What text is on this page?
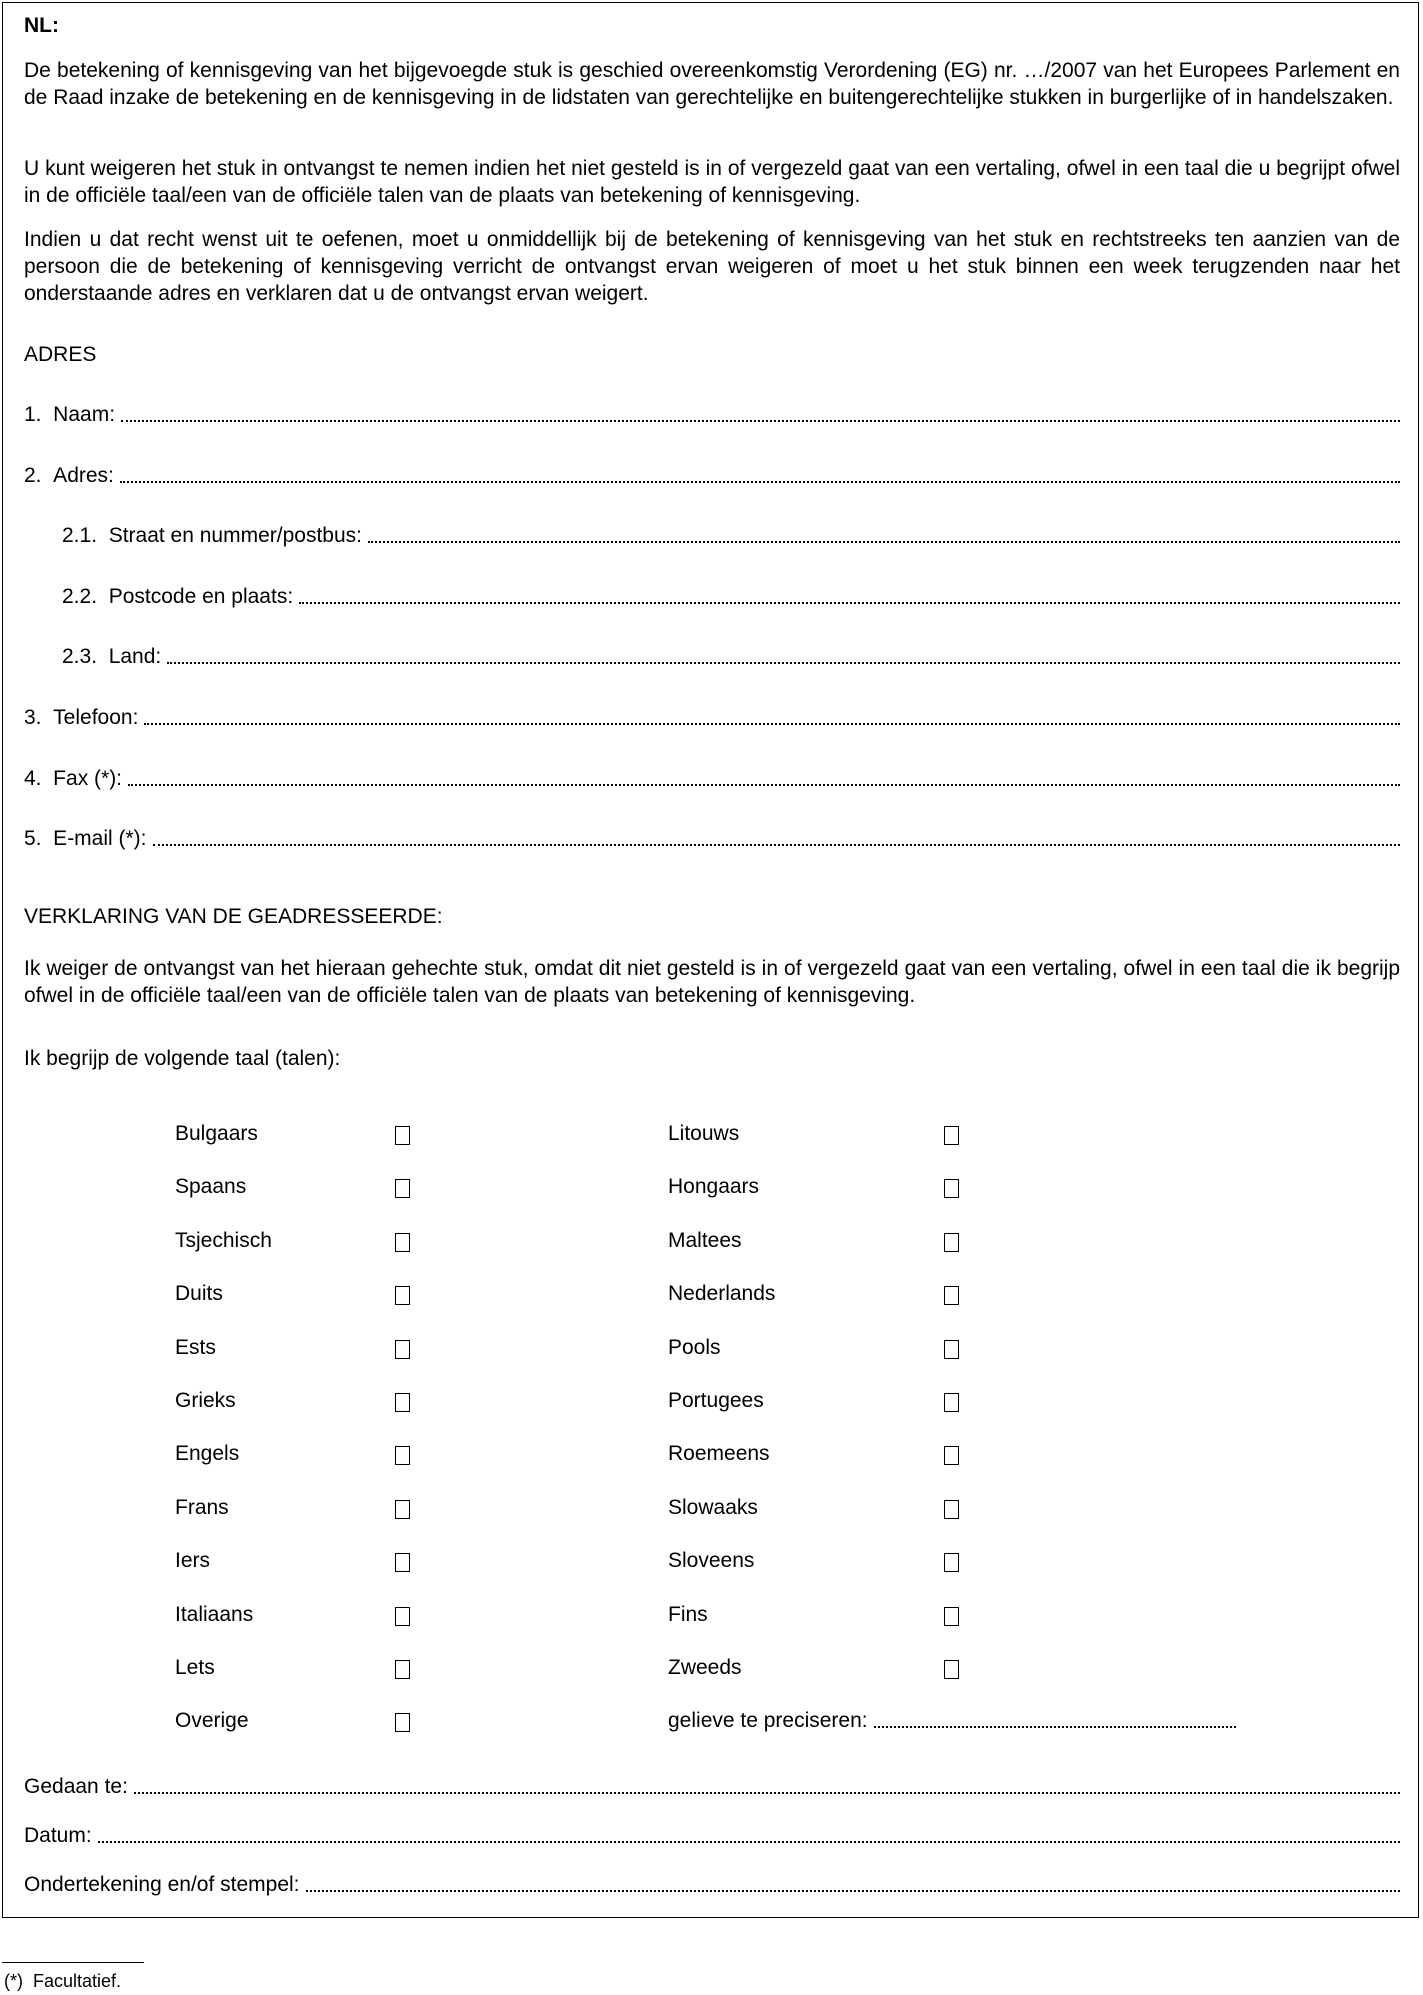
NL:
De betekening of kennisgeving van het bijgevoegde stuk is geschied overeenkomstig Verordening (EG) nr. …/2007 van het Europees Parlement en de Raad inzake de betekening en de kennisgeving in de lidstaten van gerechtelijke en buitengerechtelijke stukken in burgerlijke of in handelszaken.
U kunt weigeren het stuk in ontvangst te nemen indien het niet gesteld is in of vergezeld gaat van een vertaling, ofwel in een taal die u begrijpt ofwel in de officiële taal/een van de officiële talen van de plaats van betekening of kennisgeving.
Indien u dat recht wenst uit te oefenen, moet u onmiddellijk bij de betekening of kennisgeving van het stuk en rechtstreeks ten aanzien van de persoon die de betekening of kennisgeving verricht de ontvangst ervan weigeren of moet u het stuk binnen een week terugzenden naar het onderstaande adres en verklaren dat u de ontvangst ervan weigert.
ADRES
1.  Naam:
2.  Adres:
2.1.  Straat en nummer/postbus:
2.2.  Postcode en plaats:
2.3.  Land:
3.  Telefoon:
4.  Fax (*):
5.  E-mail (*):
VERKLARING VAN DE GEADRESSEERDE:
Ik weiger de ontvangst van het hieraan gehechte stuk, omdat dit niet gesteld is in of vergezeld gaat van een vertaling, ofwel in een taal die ik begrijp ofwel in de officiële taal/een van de officiële talen van de plaats van betekening of kennisgeving.
Ik begrijp de volgende taal (talen):
Bulgaars
Spaans
Tsjechisch
Duits
Ests
Grieks
Engels
Frans
Iers
Italiaans
Lets
Overige
Litouws
Hongaars
Maltees
Nederlands
Pools
Portugees
Roemeens
Slowaaks
Sloveens
Fins
Zweeds
gelieve te preciseren:
Gedaan te:
Datum:
Ondertekening en/of stempel:
(*)  Facultatief.
